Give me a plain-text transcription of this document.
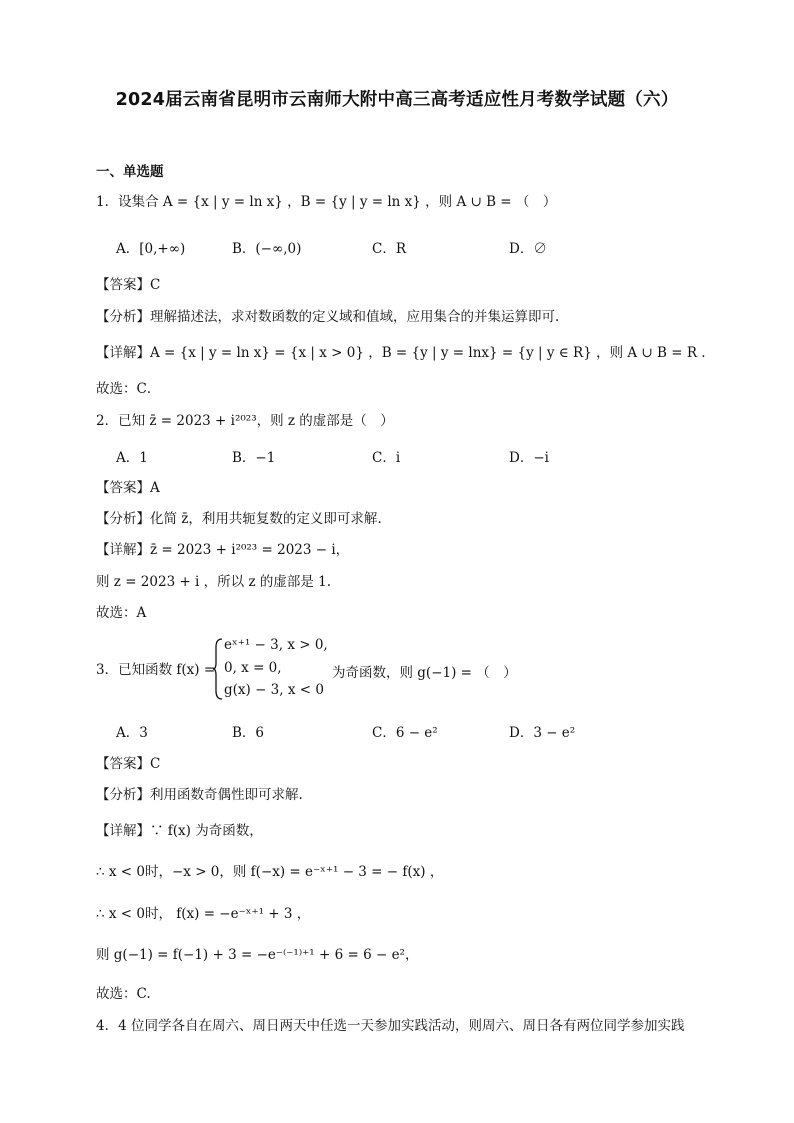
2024届云南省昆明市云南师大附中高三高考适应性月考数学试题（六）
一、单选题
1．设集合 A = {x | y = ln x} ，B = {y | y = ln x} ，则 A ∪ B = （　）
A．[0,+∞)	B．(−∞,0)	C．R	D．∅
【答案】C
【分析】理解描述法，求对数函数的定义域和值域，应用集合的并集运算即可.
【详解】A = {x | y = ln x} = {x | x > 0} ，B = {y | y = lnx} = {y | y ∈ R} ，则 A ∪ B = R .
故选：C．
2．已知 z̄ = 2023 + i²⁰²³，则 z 的虚部是（　）
A．1	B．−1	C．i	D．−i
【答案】A
【分析】化简 z̄，利用共轭复数的定义即可求解.
【详解】z̄ = 2023 + i²⁰²³ = 2023 − i，
则 z = 2023 + i ，所以 z 的虚部是 1.
故选：A
3．已知函数 f(x) =
eˣ⁺¹ − 3, x > 0,
0, x = 0,
g(x) − 3, x < 0
为奇函数，则 g(−1) = （　）
A．3	B．6	C．6 − e²	D．3 − e²
【答案】C
【分析】利用函数奇偶性即可求解.
【详解】∵ f(x) 为奇函数，
∴ x < 0时，−x > 0，则 f(−x) = e⁻ˣ⁺¹ − 3 = − f(x) ，
∴ x < 0时， f(x) = −e⁻ˣ⁺¹ + 3 ，
则 g(−1) = f(−1) + 3 = −e⁻⁽⁻¹⁾⁺¹ + 6 = 6 − e²，
故选：C.
4．4 位同学各自在周六、周日两天中任选一天参加实践活动，则周六、周日各有两位同学参加实践
